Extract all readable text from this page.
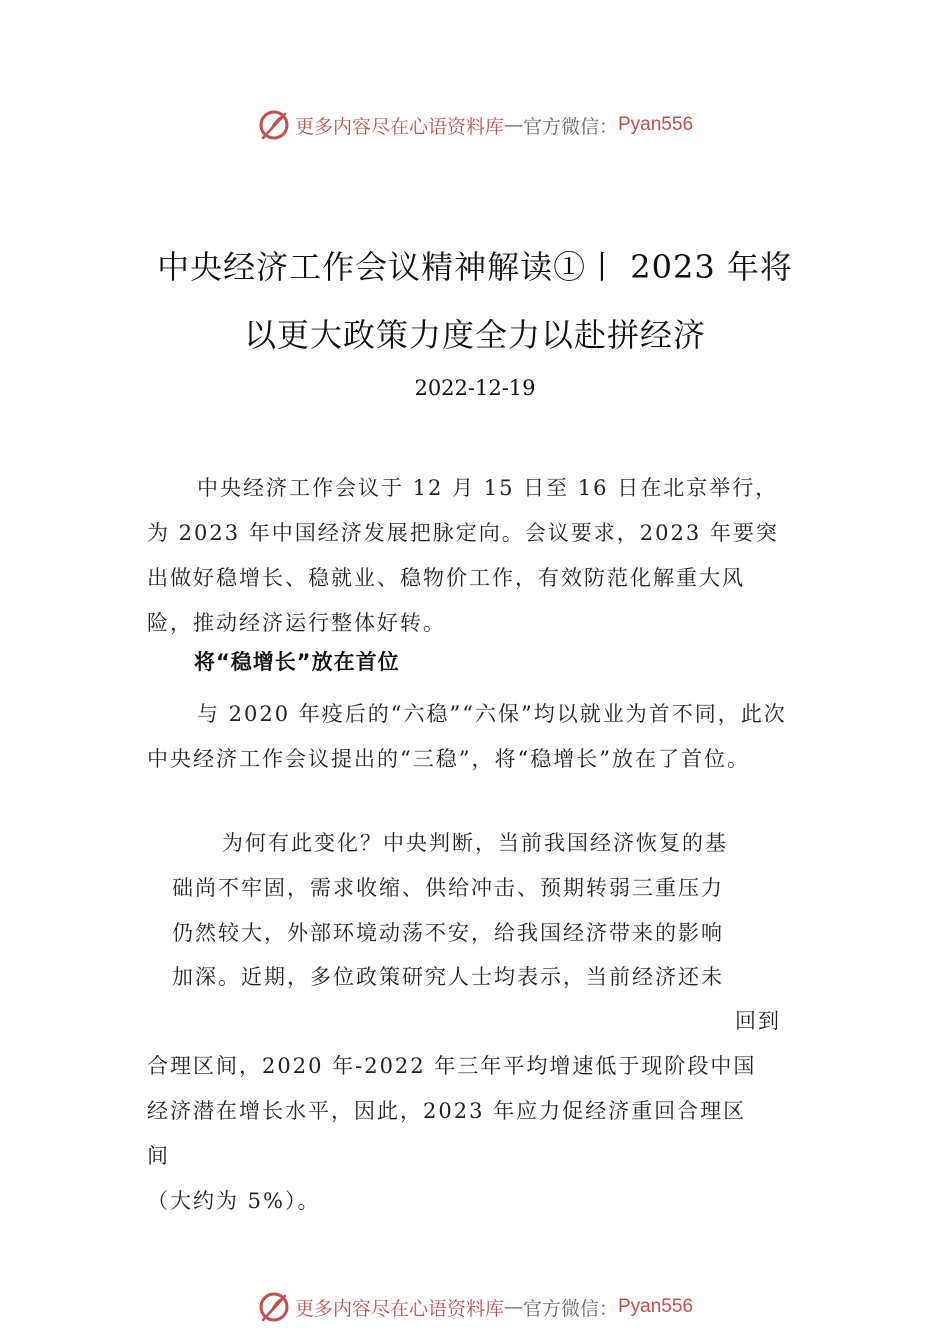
更多内容尽在心语资料库 — 官方微信： Pyan556
中央经济工作会议精神解读①丨 2023 年将
以更大政策力度全力以赴拼经济
2022-12-19
中央经济工作会议于 12 月 15 日至 16 日在北京举行，为 2023 年中国经济发展把脉定向。会议要求，2023 年要突出做好稳增长、稳就业、稳物价工作，有效防范化解重大风险，推动经济运行整体好转。
将“稳增长”放在首位
与 2020 年疫后的“六稳”“六保”均以就业为首不同，此次中央经济工作会议提出的“三稳”，将“稳增长”放在了首位。
为何有此变化？中央判断，当前我国经济恢复的基
础尚不牢固，需求收缩、供给冲击、预期转弱三重压力
仍然较大，外部环境动荡不安，给我国经济带来的影响
加深。近期，多位政策研究人士均表示，当前经济还未
回到
合理区间，2020 年-2022 年三年平均增速低于现阶段中国
经济潜在增长水平，因此，2023 年应力促经济重回合理区
间
（大约为 5%）。
更多内容尽在心语资料库 — 官方微信： Pyan556
